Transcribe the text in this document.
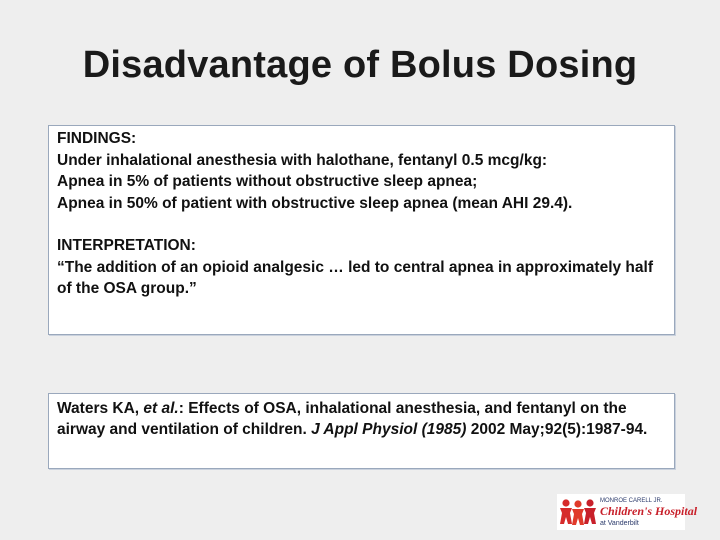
Disadvantage of Bolus Dosing
FINDINGS:
Under inhalational anesthesia with halothane, fentanyl 0.5 mcg/kg:
Apnea in 5% of patients without obstructive sleep apnea;
Apnea in 50% of patient with obstructive sleep apnea (mean AHI 29.4).
INTERPRETATION:
“The addition of an opioid analgesic … led to central apnea in approximately half of the OSA group.”
Waters KA, et al.: Effects of OSA, inhalational anesthesia, and fentanyl on the airway and ventilation of children. J Appl Physiol (1985) 2002 May;92(5):1987-94.
MONROE CARELL JR.
Children's Hospital
at Vanderbilt
